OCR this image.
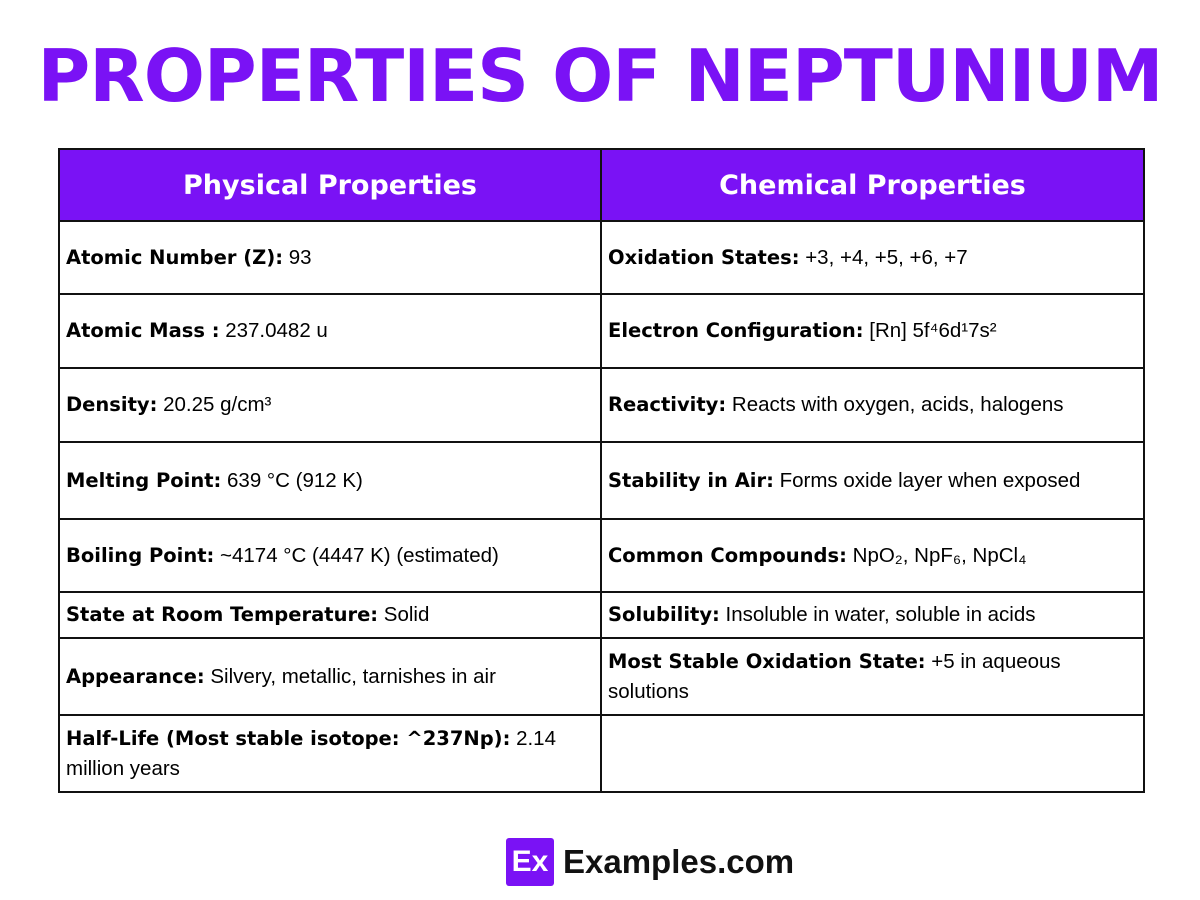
PROPERTIES OF NEPTUNIUM
Physical Properties	Chemical Properties
Atomic Number (Z): 93	Oxidation States: +3, +4, +5, +6, +7
Atomic Mass : 237.0482 u	Electron Configuration: [Rn] 5f⁴6d¹7s²
Density: 20.25 g/cm³	Reactivity: Reacts with oxygen, acids, halogens
Melting Point: 639 °C (912 K)	Stability in Air: Forms oxide layer when exposed
Boiling Point: ~4174 °C (4447 K) (estimated)	Common Compounds: NpO₂, NpF₆, NpCl₄
State at Room Temperature: Solid	Solubility: Insoluble in water, soluble in acids
Appearance: Silvery, metallic, tarnishes in air	Most Stable Oxidation State: +5 in aqueous solutions
Half-Life (Most stable isotope: ^237Np): 2.14 million years	
Ex Examples.com
